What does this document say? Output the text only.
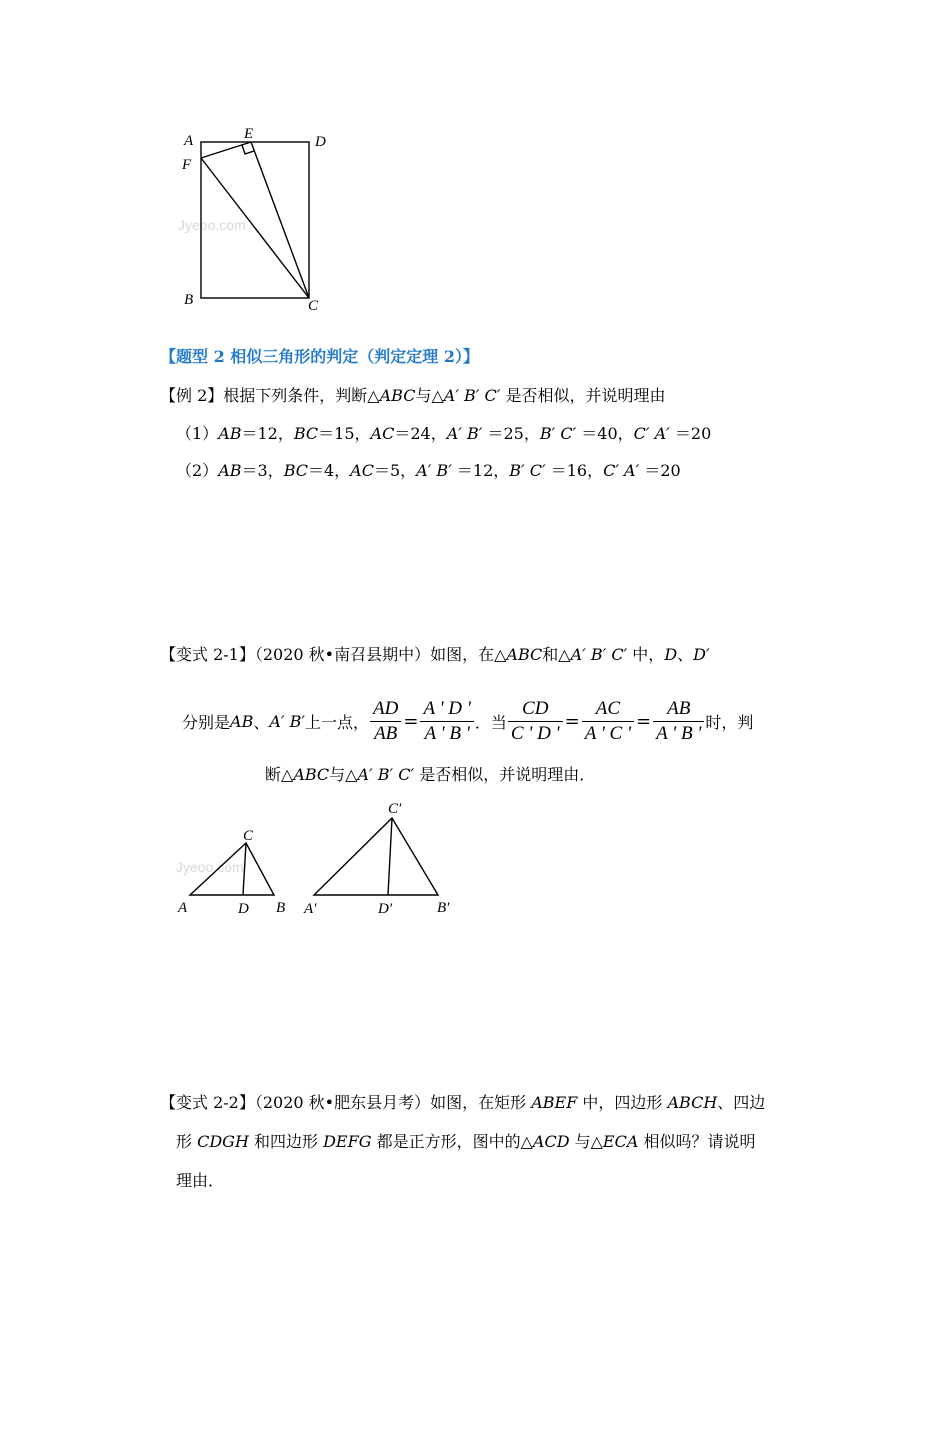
Jyeoo.com
A	E	D
F
B	C
【题型 2 相似三角形的判定（判定定理 2）】
【例 2】根据下列条件，判断△ABC与△A′ B′ C′ 是否相似，并说明理由
（1）AB＝12，BC＝15，AC＝24，A′ B′ ＝25，B′ C′ ＝40，C′ A′ ＝20
（2）AB＝3，BC＝4，AC＝5，A′ B′ ＝12，B′ C′ ＝16，C′ A′ ＝20
【变式 2-1】（2020 秋•南召县期中）如图，在△ABC和△A′ B′ C′ 中，D、D′
分别是 AB 、 A′ B′ 上一点， $\frac{AD}{AB} = \frac{A ' D '}{A ' B '}$ ．当 $\frac{CD}{C ' D '} = \frac{AC}{A ' C '} = \frac{AB}{A ' B '}$ 时，判
断△ABC与△A′ B′ C′ 是否相似，并说明理由．
Jyeoo.com
C
A	D B
C′
A′	D′	B′
【变式 2-2】（2020 秋•肥东县月考）如图，在矩形 ABEF 中，四边形 ABCH、四边
形 CDGH 和四边形 DEFG 都是正方形，图中的△ACD 与△ECA 相似吗？请说明
理由．
